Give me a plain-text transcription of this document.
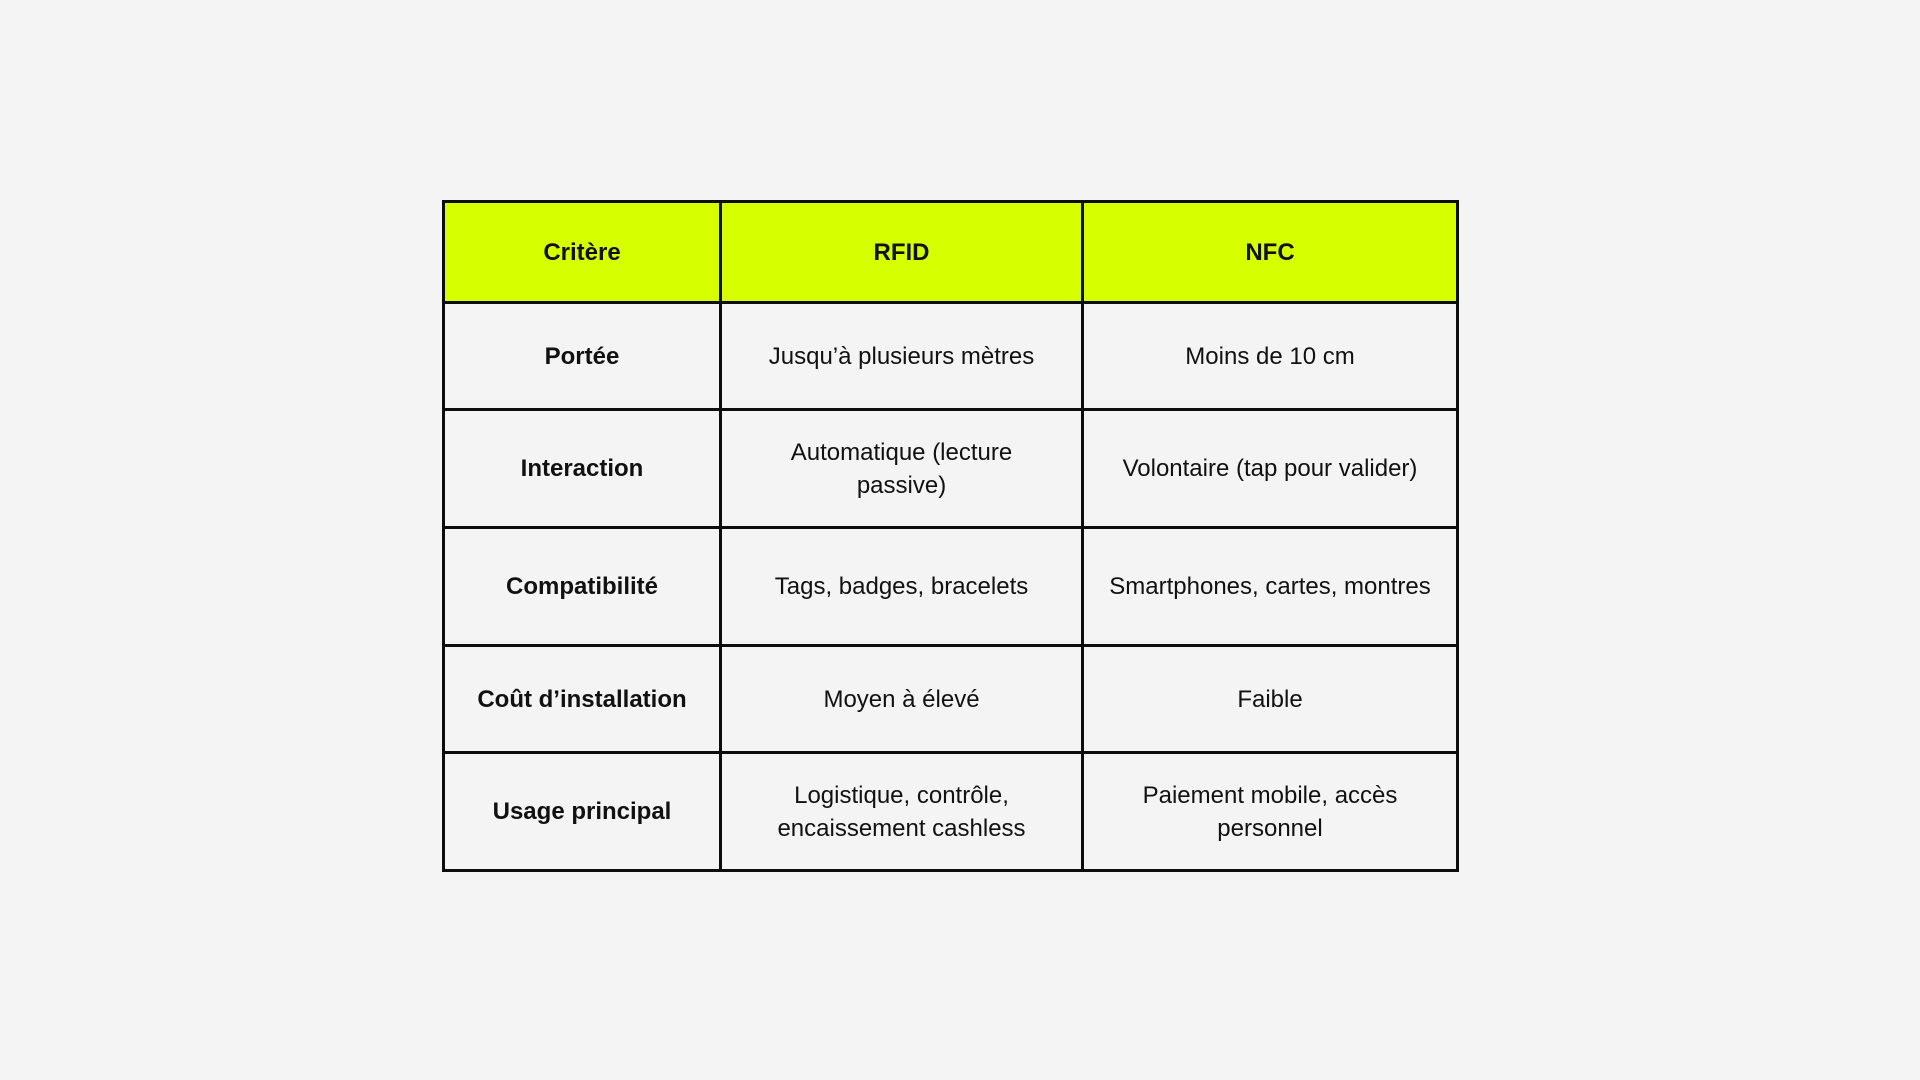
Critère	RFID	NFC
Portée	Jusqu’à plusieurs mètres	Moins de 10 cm
Interaction	Automatique (lecture passive)	Volontaire (tap pour valider)
Compatibilité	Tags, badges, bracelets	Smartphones, cartes, montres
Coût d’installation	Moyen à élevé	Faible
Usage principal	Logistique, contrôle, encaissement cashless	Paiement mobile, accès personnel
